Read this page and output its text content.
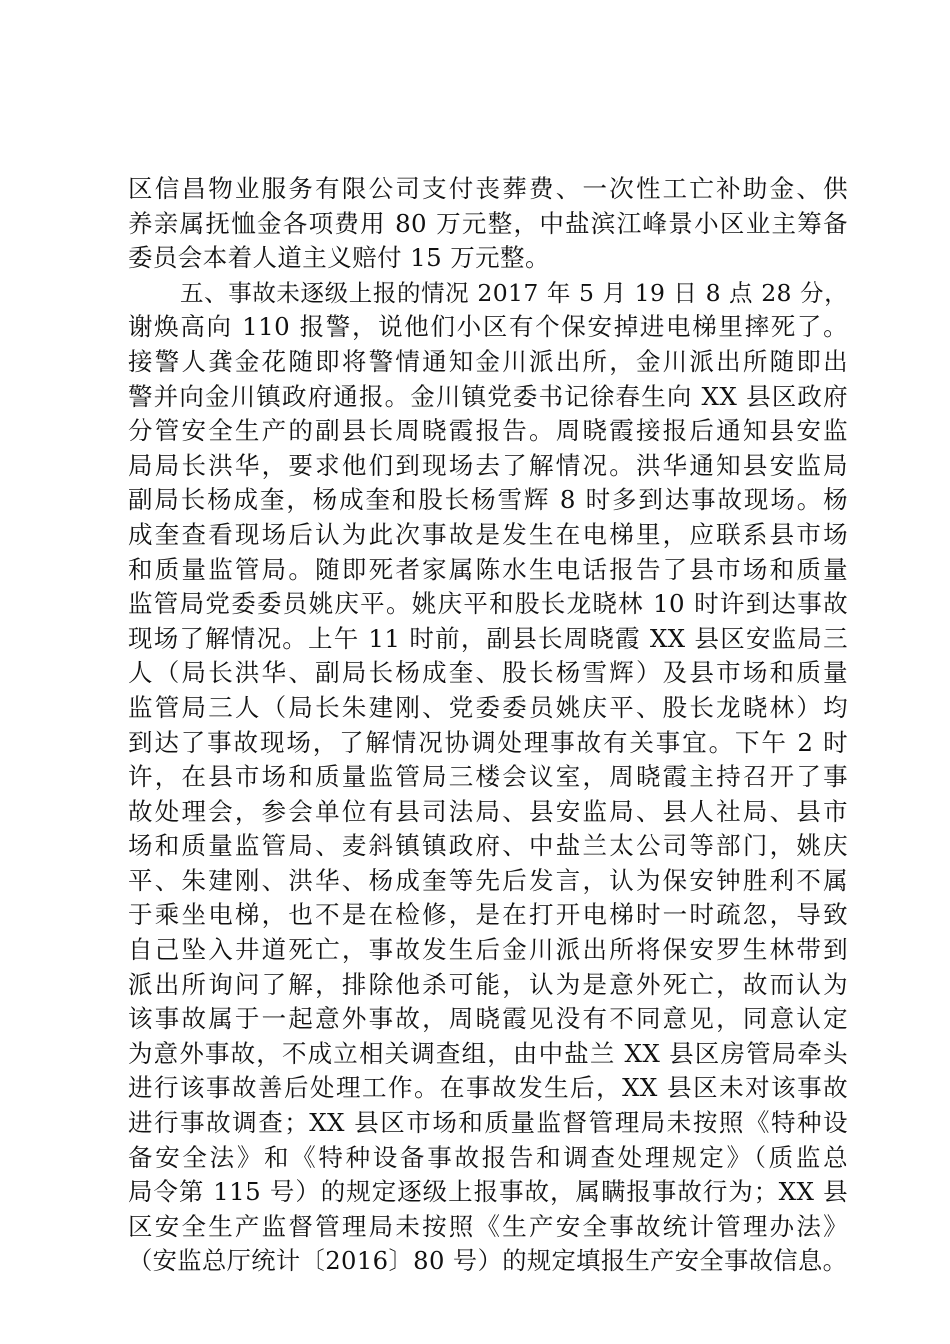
区信昌物业服务有限公司支付丧葬费、一次性工亡补助金、供
养亲属抚恤金各项费用 80 万元整，中盐滨江峰景小区业主筹备
委员会本着人道主义赔付 15 万元整。
五、事故未逐级上报的情况 2017 年 5 月 19 日 8 点 28 分，
谢焕高向 110 报警，说他们小区有个保安掉进电梯里摔死了。
接警人龚金花随即将警情通知金川派出所，金川派出所随即出
警并向金川镇政府通报。金川镇党委书记徐春生向 XX 县区政府
分管安全生产的副县长周晓霞报告。周晓霞接报后通知县安监
局局长洪华，要求他们到现场去了解情况。洪华通知县安监局
副局长杨成奎，杨成奎和股长杨雪辉 8 时多到达事故现场。杨
成奎查看现场后认为此次事故是发生在电梯里，应联系县市场
和质量监管局。随即死者家属陈水生电话报告了县市场和质量
监管局党委委员姚庆平。姚庆平和股长龙晓林 10 时许到达事故
现场了解情况。上午 11 时前，副县长周晓霞 XX 县区安监局三
人（局长洪华、副局长杨成奎、股长杨雪辉）及县市场和质量
监管局三人（局长朱建刚、党委委员姚庆平、股长龙晓林）均
到达了事故现场，了解情况协调处理事故有关事宜。下午 2 时
许，在县市场和质量监管局三楼会议室，周晓霞主持召开了事
故处理会，参会单位有县司法局、县安监局、县人社局、县市
场和质量监管局、麦斜镇镇政府、中盐兰太公司等部门，姚庆
平、朱建刚、洪华、杨成奎等先后发言，认为保安钟胜利不属
于乘坐电梯，也不是在检修，是在打开电梯时一时疏忽，导致
自己坠入井道死亡，事故发生后金川派出所将保安罗生林带到
派出所询问了解，排除他杀可能，认为是意外死亡，故而认为
该事故属于一起意外事故，周晓霞见没有不同意见，同意认定
为意外事故，不成立相关调查组，由中盐兰 XX 县区房管局牵头
进行该事故善后处理工作。在事故发生后，XX 县区未对该事故
进行事故调查；XX 县区市场和质量监督管理局未按照《特种设
备安全法》和《特种设备事故报告和调查处理规定》（质监总
局令第 115 号）的规定逐级上报事故，属瞒报事故行为；XX 县
区安全生产监督管理局未按照《生产安全事故统计管理办法》
（安监总厅统计〔2016〕80 号）的规定填报生产安全事故信息。
